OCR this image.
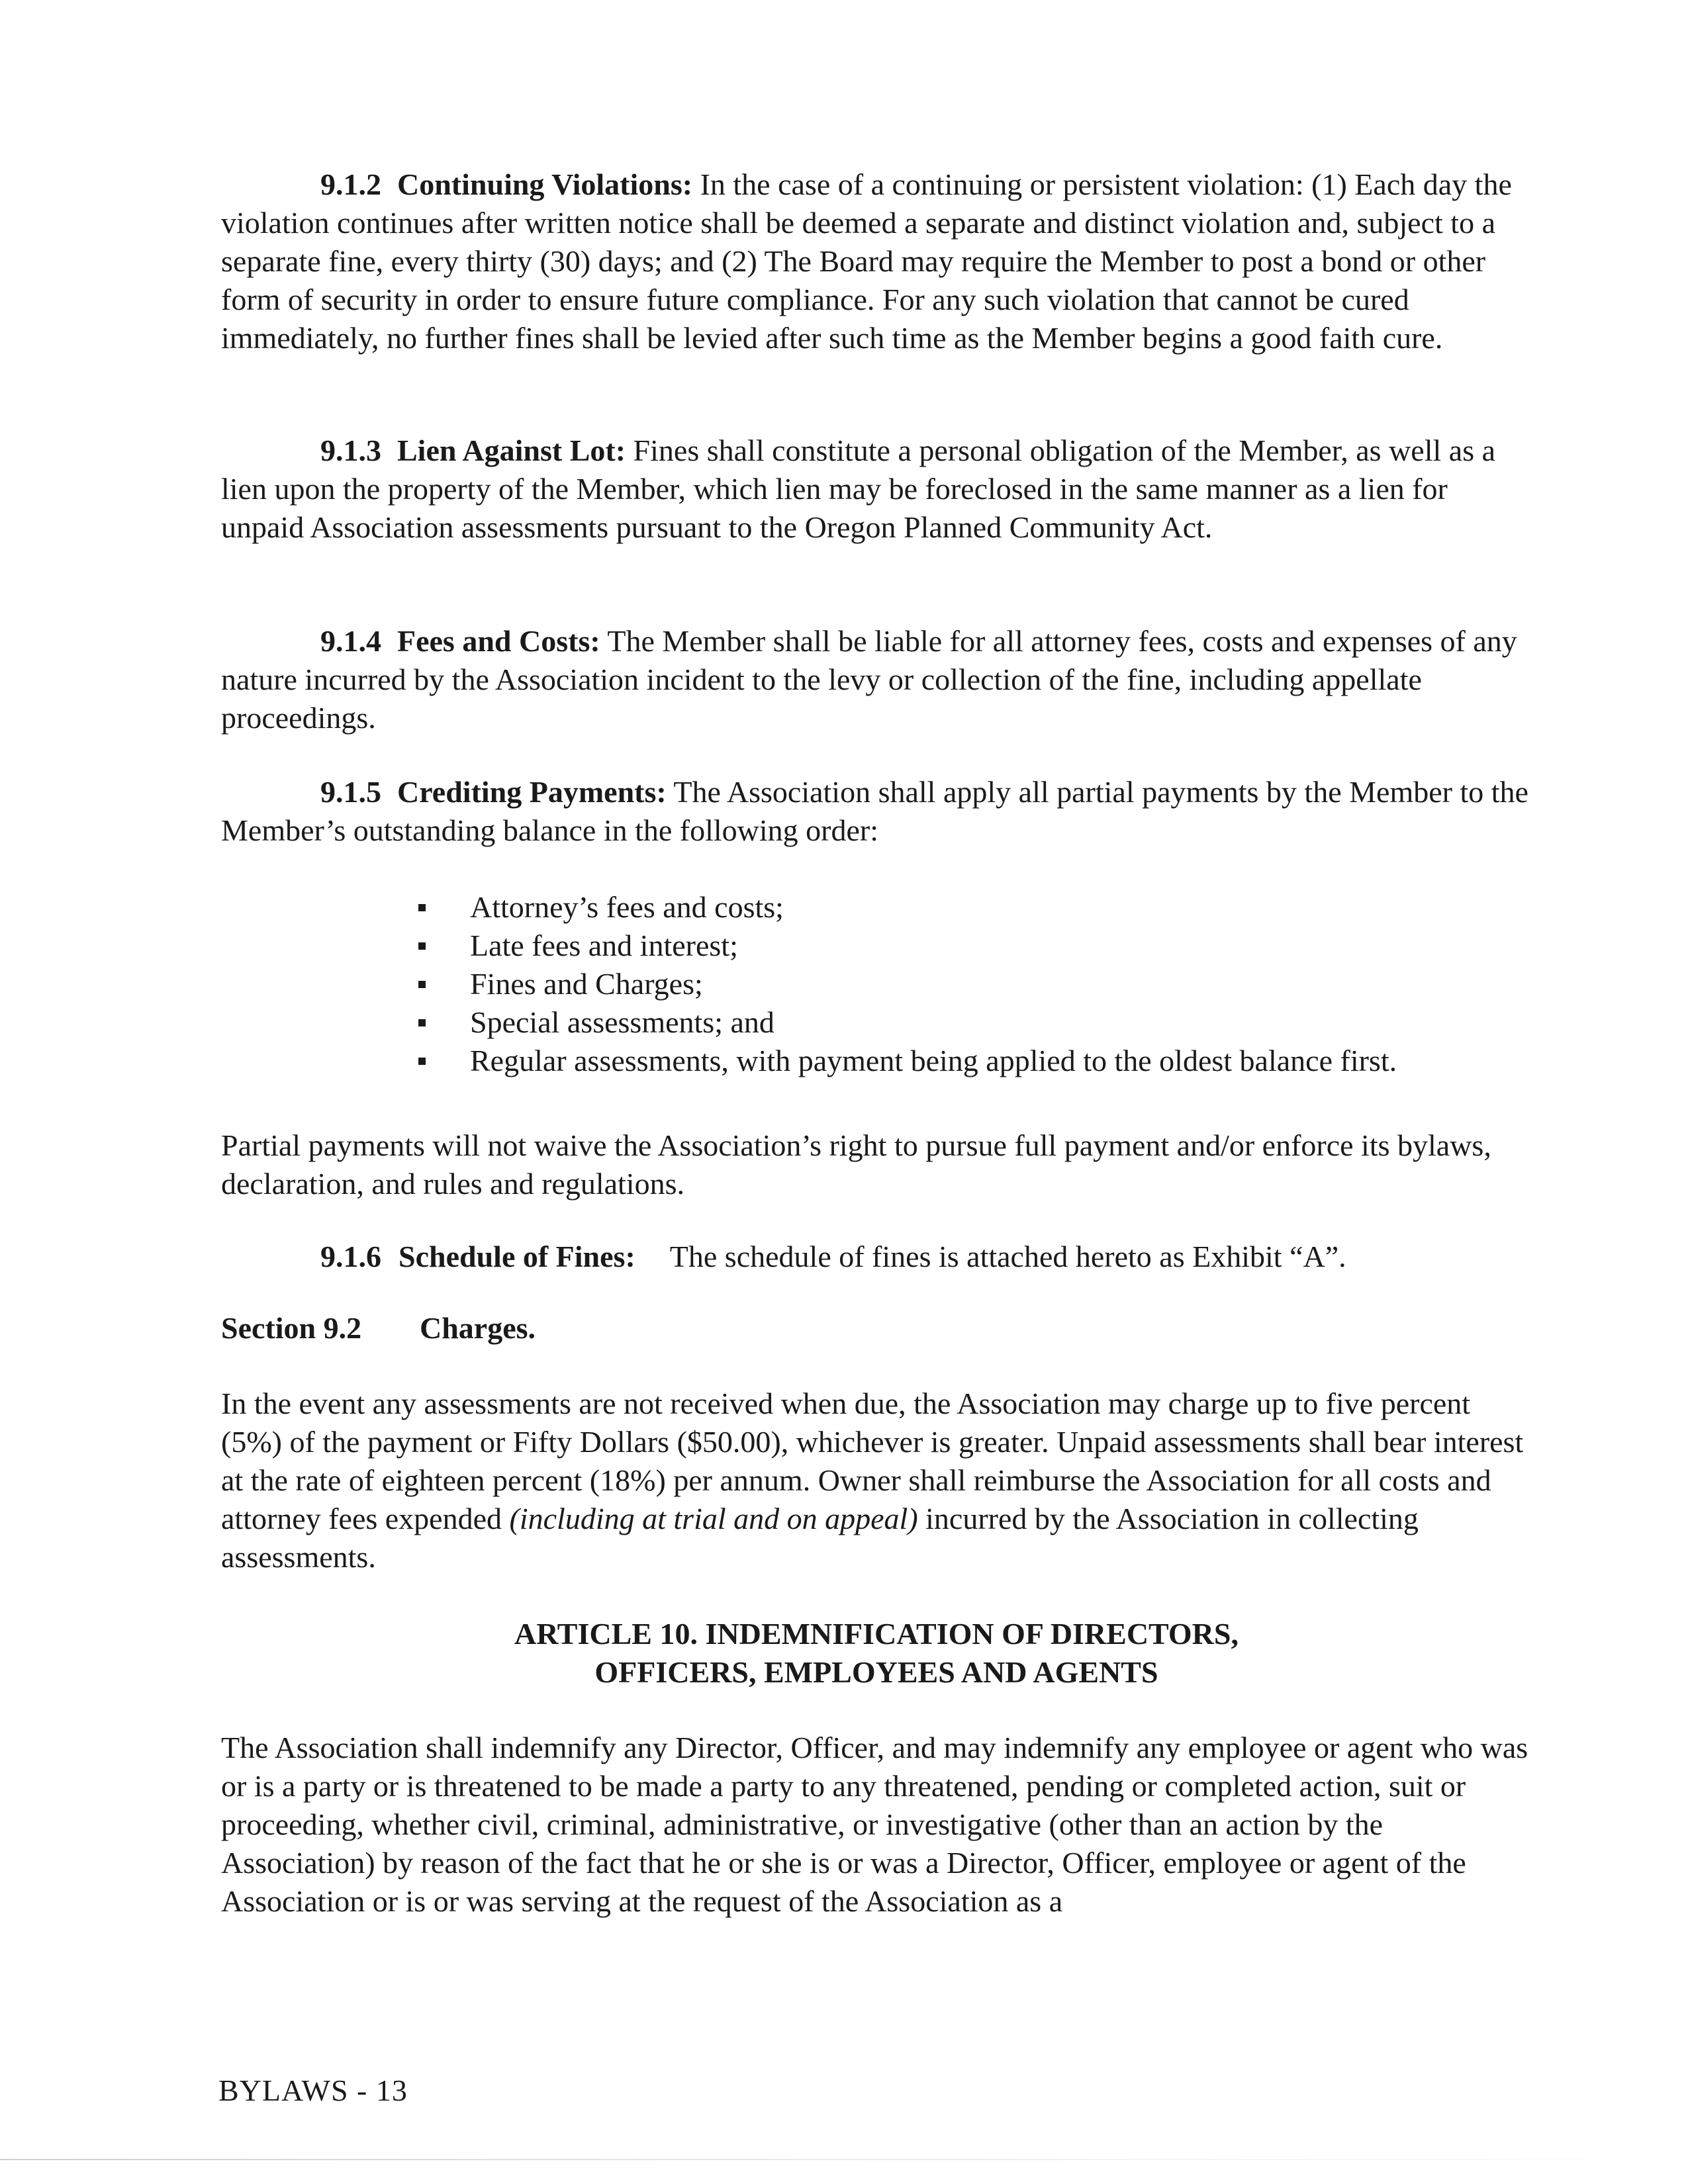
9.1.2 Continuing Violations: In the case of a continuing or persistent violation: (1) Each day the violation continues after written notice shall be deemed a separate and distinct violation and, subject to a separate fine, every thirty (30) days; and (2) The Board may require the Member to post a bond or other form of security in order to ensure future compliance. For any such violation that cannot be cured immediately, no further fines shall be levied after such time as the Member begins a good faith cure.

9.1.3 Lien Against Lot: Fines shall constitute a personal obligation of the Member, as well as a lien upon the property of the Member, which lien may be foreclosed in the same manner as a lien for unpaid Association assessments pursuant to the Oregon Planned Community Act.

9.1.4 Fees and Costs: The Member shall be liable for all attorney fees, costs and expenses of any nature incurred by the Association incident to the levy or collection of the fine, including appellate proceedings.

9.1.5 Crediting Payments: The Association shall apply all partial payments by the Member to the Member’s outstanding balance in the following order:

Attorney’s fees and costs;
Late fees and interest;
Fines and Charges;
Special assessments; and
Regular assessments, with payment being applied to the oldest balance first.

Partial payments will not waive the Association’s right to pursue full payment and/or enforce its bylaws, declaration, and rules and regulations.

9.1.6 Schedule of Fines: The schedule of fines is attached hereto as Exhibit “A”.
Section 9.2 Charges.

In the event any assessments are not received when due, the Association may charge up to five percent (5%) of the payment or Fifty Dollars ($50.00), whichever is greater. Unpaid assessments shall bear interest at the rate of eighteen percent (18%) per annum. Owner shall reimburse the Association for all costs and attorney fees expended (including at trial and on appeal) incurred by the Association in collecting assessments.

ARTICLE 10. INDEMNIFICATION OF DIRECTORS,
OFFICERS, EMPLOYEES AND AGENTS

The Association shall indemnify any Director, Officer, and may indemnify any employee or agent who was or is a party or is threatened to be made a party to any threatened, pending or completed action, suit or proceeding, whether civil, criminal, administrative, or investigative (other than an action by the Association) by reason of the fact that he or she is or was a Director, Officer, employee or agent of the Association or is or was serving at the request of the Association as a

BYLAWS - 13
